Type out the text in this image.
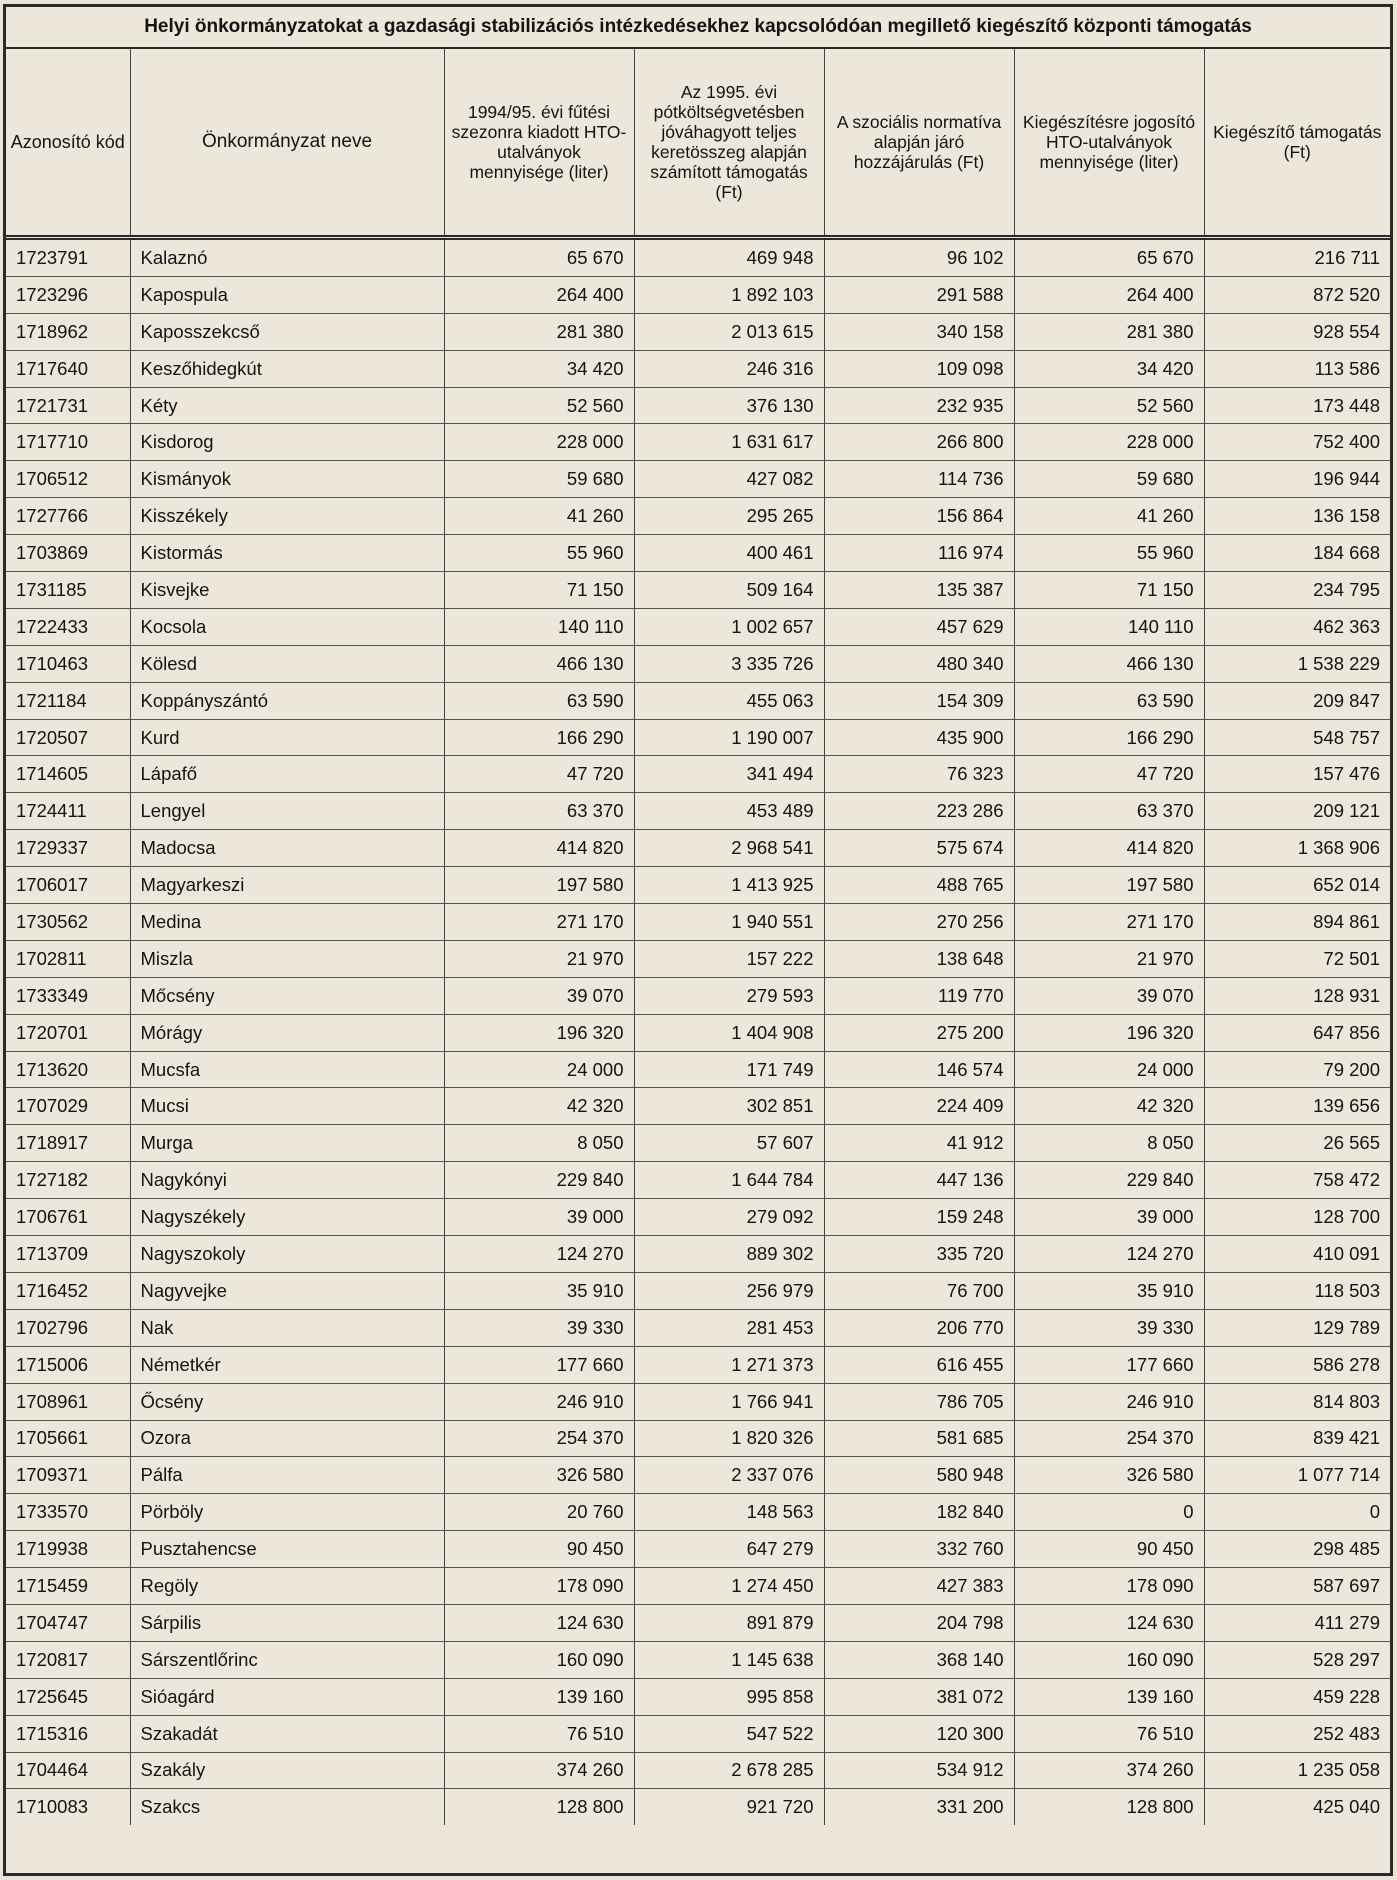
Helyi önkormányzatokat a gazdasági stabilizációs intézkedésekhez kapcsolódóan megillető kiegészítő központi támogatás
Azonosító kód	Önkormányzat neve	1994/95. évi fűtési szezonra kiadott HTO-utalványok mennyisége (liter)	Az 1995. évi pótköltségvetésben jóváhagyott teljes keretösszeg alapján számított támogatás (Ft)	A szociális normatíva alapján járó hozzájárulás (Ft)	Kiegészítésre jogosító HTO-utalványok mennyisége (liter)	Kiegészítő támogatás (Ft)
1723791	Kalaznó	65 670	469 948	96 102	65 670	216 711
1723296	Kapospula	264 400	1 892 103	291 588	264 400	872 520
1718962	Kaposszekcső	281 380	2 013 615	340 158	281 380	928 554
1717640	Keszőhidegkút	34 420	246 316	109 098	34 420	113 586
1721731	Kéty	52 560	376 130	232 935	52 560	173 448
1717710	Kisdorog	228 000	1 631 617	266 800	228 000	752 400
1706512	Kismányok	59 680	427 082	114 736	59 680	196 944
1727766	Kisszékely	41 260	295 265	156 864	41 260	136 158
1703869	Kistormás	55 960	400 461	116 974	55 960	184 668
1731185	Kisvejke	71 150	509 164	135 387	71 150	234 795
1722433	Kocsola	140 110	1 002 657	457 629	140 110	462 363
1710463	Kölesd	466 130	3 335 726	480 340	466 130	1 538 229
1721184	Koppányszántó	63 590	455 063	154 309	63 590	209 847
1720507	Kurd	166 290	1 190 007	435 900	166 290	548 757
1714605	Lápafő	47 720	341 494	76 323	47 720	157 476
1724411	Lengyel	63 370	453 489	223 286	63 370	209 121
1729337	Madocsa	414 820	2 968 541	575 674	414 820	1 368 906
1706017	Magyarkeszi	197 580	1 413 925	488 765	197 580	652 014
1730562	Medina	271 170	1 940 551	270 256	271 170	894 861
1702811	Miszla	21 970	157 222	138 648	21 970	72 501
1733349	Mőcsény	39 070	279 593	119 770	39 070	128 931
1720701	Mórágy	196 320	1 404 908	275 200	196 320	647 856
1713620	Mucsfa	24 000	171 749	146 574	24 000	79 200
1707029	Mucsi	42 320	302 851	224 409	42 320	139 656
1718917	Murga	8 050	57 607	41 912	8 050	26 565
1727182	Nagykónyi	229 840	1 644 784	447 136	229 840	758 472
1706761	Nagyszékely	39 000	279 092	159 248	39 000	128 700
1713709	Nagyszokoly	124 270	889 302	335 720	124 270	410 091
1716452	Nagyvejke	35 910	256 979	76 700	35 910	118 503
1702796	Nak	39 330	281 453	206 770	39 330	129 789
1715006	Németkér	177 660	1 271 373	616 455	177 660	586 278
1708961	Őcsény	246 910	1 766 941	786 705	246 910	814 803
1705661	Ozora	254 370	1 820 326	581 685	254 370	839 421
1709371	Pálfa	326 580	2 337 076	580 948	326 580	1 077 714
1733570	Pörböly	20 760	148 563	182 840	0	0
1719938	Pusztahencse	90 450	647 279	332 760	90 450	298 485
1715459	Regöly	178 090	1 274 450	427 383	178 090	587 697
1704747	Sárpilis	124 630	891 879	204 798	124 630	411 279
1720817	Sárszentlőrinc	160 090	1 145 638	368 140	160 090	528 297
1725645	Sióagárd	139 160	995 858	381 072	139 160	459 228
1715316	Szakadát	76 510	547 522	120 300	76 510	252 483
1704464	Szakály	374 260	2 678 285	534 912	374 260	1 235 058
1710083	Szakcs	128 800	921 720	331 200	128 800	425 040
